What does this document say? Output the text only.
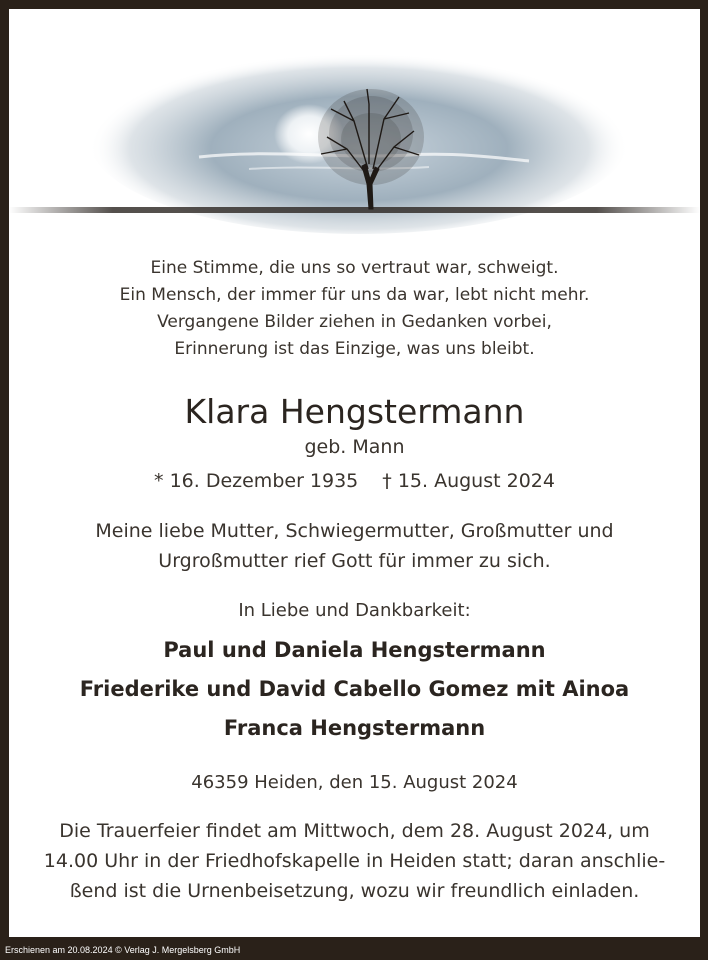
Eine Stimme, die uns so vertraut war, schweigt.
Ein Mensch, der immer für uns da war, lebt nicht mehr.
Vergangene Bilder ziehen in Gedanken vorbei,
Erinnerung ist das Einzige, was uns bleibt.
Klara Hengstermann
geb. Mann
* 16. Dezember 1935 † 15. August 2024
Meine liebe Mutter, Schwiegermutter, Großmutter und
Urgroßmutter rief Gott für immer zu sich.
In Liebe und Dankbarkeit:
Paul und Daniela Hengstermann
Friederike und David Cabello Gomez mit Ainoa
Franca Hengstermann
46359 Heiden, den 15. August 2024
Die Trauerfeier findet am Mittwoch, dem 28. August 2024, um
14.00 Uhr in der Friedhofskapelle in Heiden statt; daran anschlie-
ßend ist die Urnenbeisetzung, wozu wir freundlich einladen.
Erschienen am 20.08.2024 © Verlag J. Mergelsberg GmbH
